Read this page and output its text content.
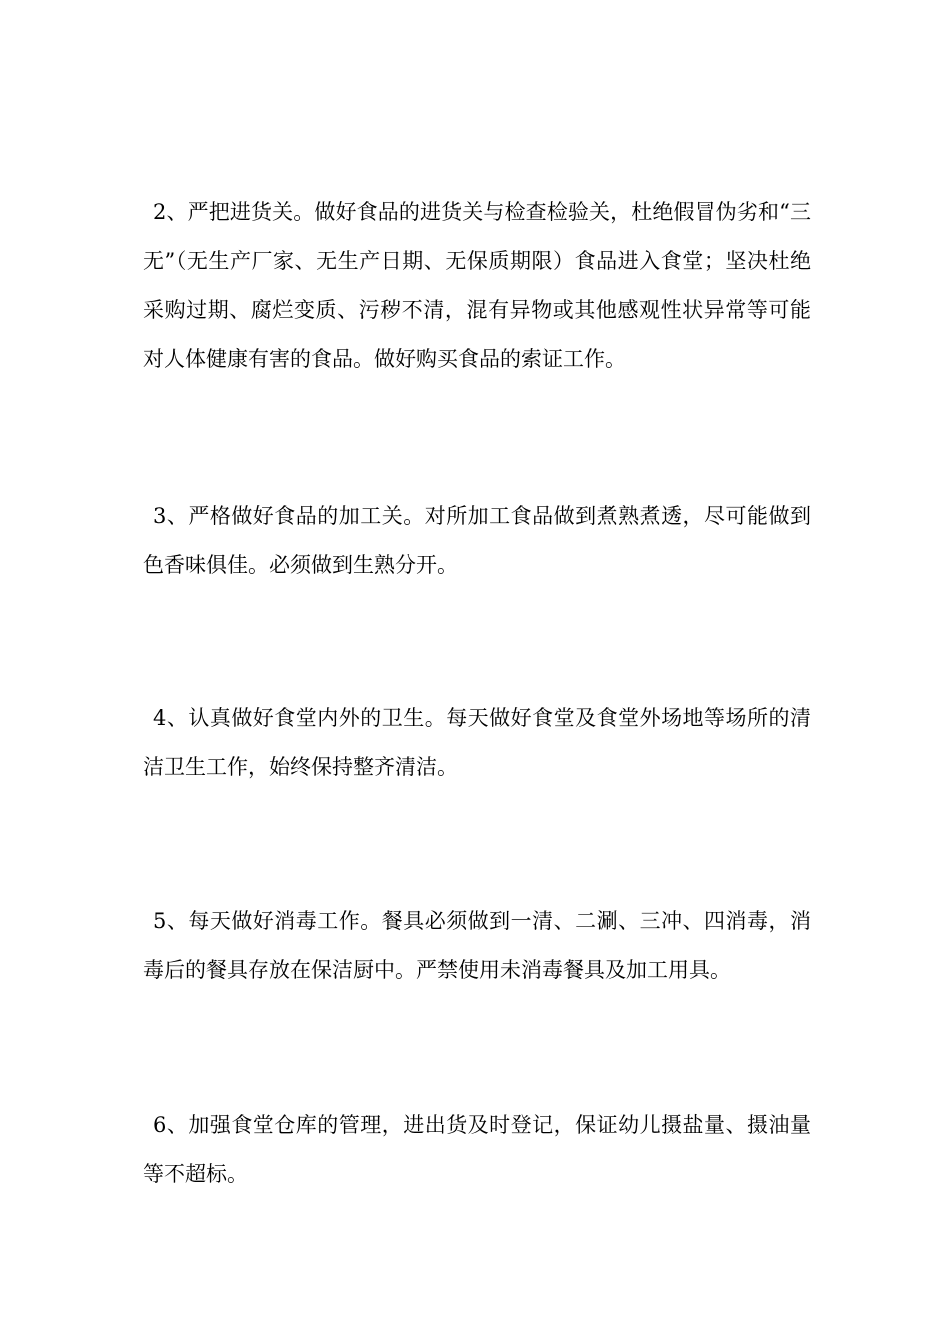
2、严把进货关。做好食品的进货关与检查检验关，杜绝假冒伪劣和“三无”（无生产厂家、无生产日期、无保质期限）食品进入食堂；坚决杜绝采购过期、腐烂变质、污秽不清，混有异物或其他感观性状异常等可能对人体健康有害的食品。做好购买食品的索证工作。

3、严格做好食品的加工关。对所加工食品做到煮熟煮透，尽可能做到色香味俱佳。必须做到生熟分开。

4、认真做好食堂内外的卫生。每天做好食堂及食堂外场地等场所的清洁卫生工作，始终保持整齐清洁。

5、每天做好消毒工作。餐具必须做到一清、二涮、三冲、四消毒，消毒后的餐具存放在保洁厨中。严禁使用未消毒餐具及加工用具。

6、加强食堂仓库的管理，进出货及时登记，保证幼儿摄盐量、摄油量等不超标。
